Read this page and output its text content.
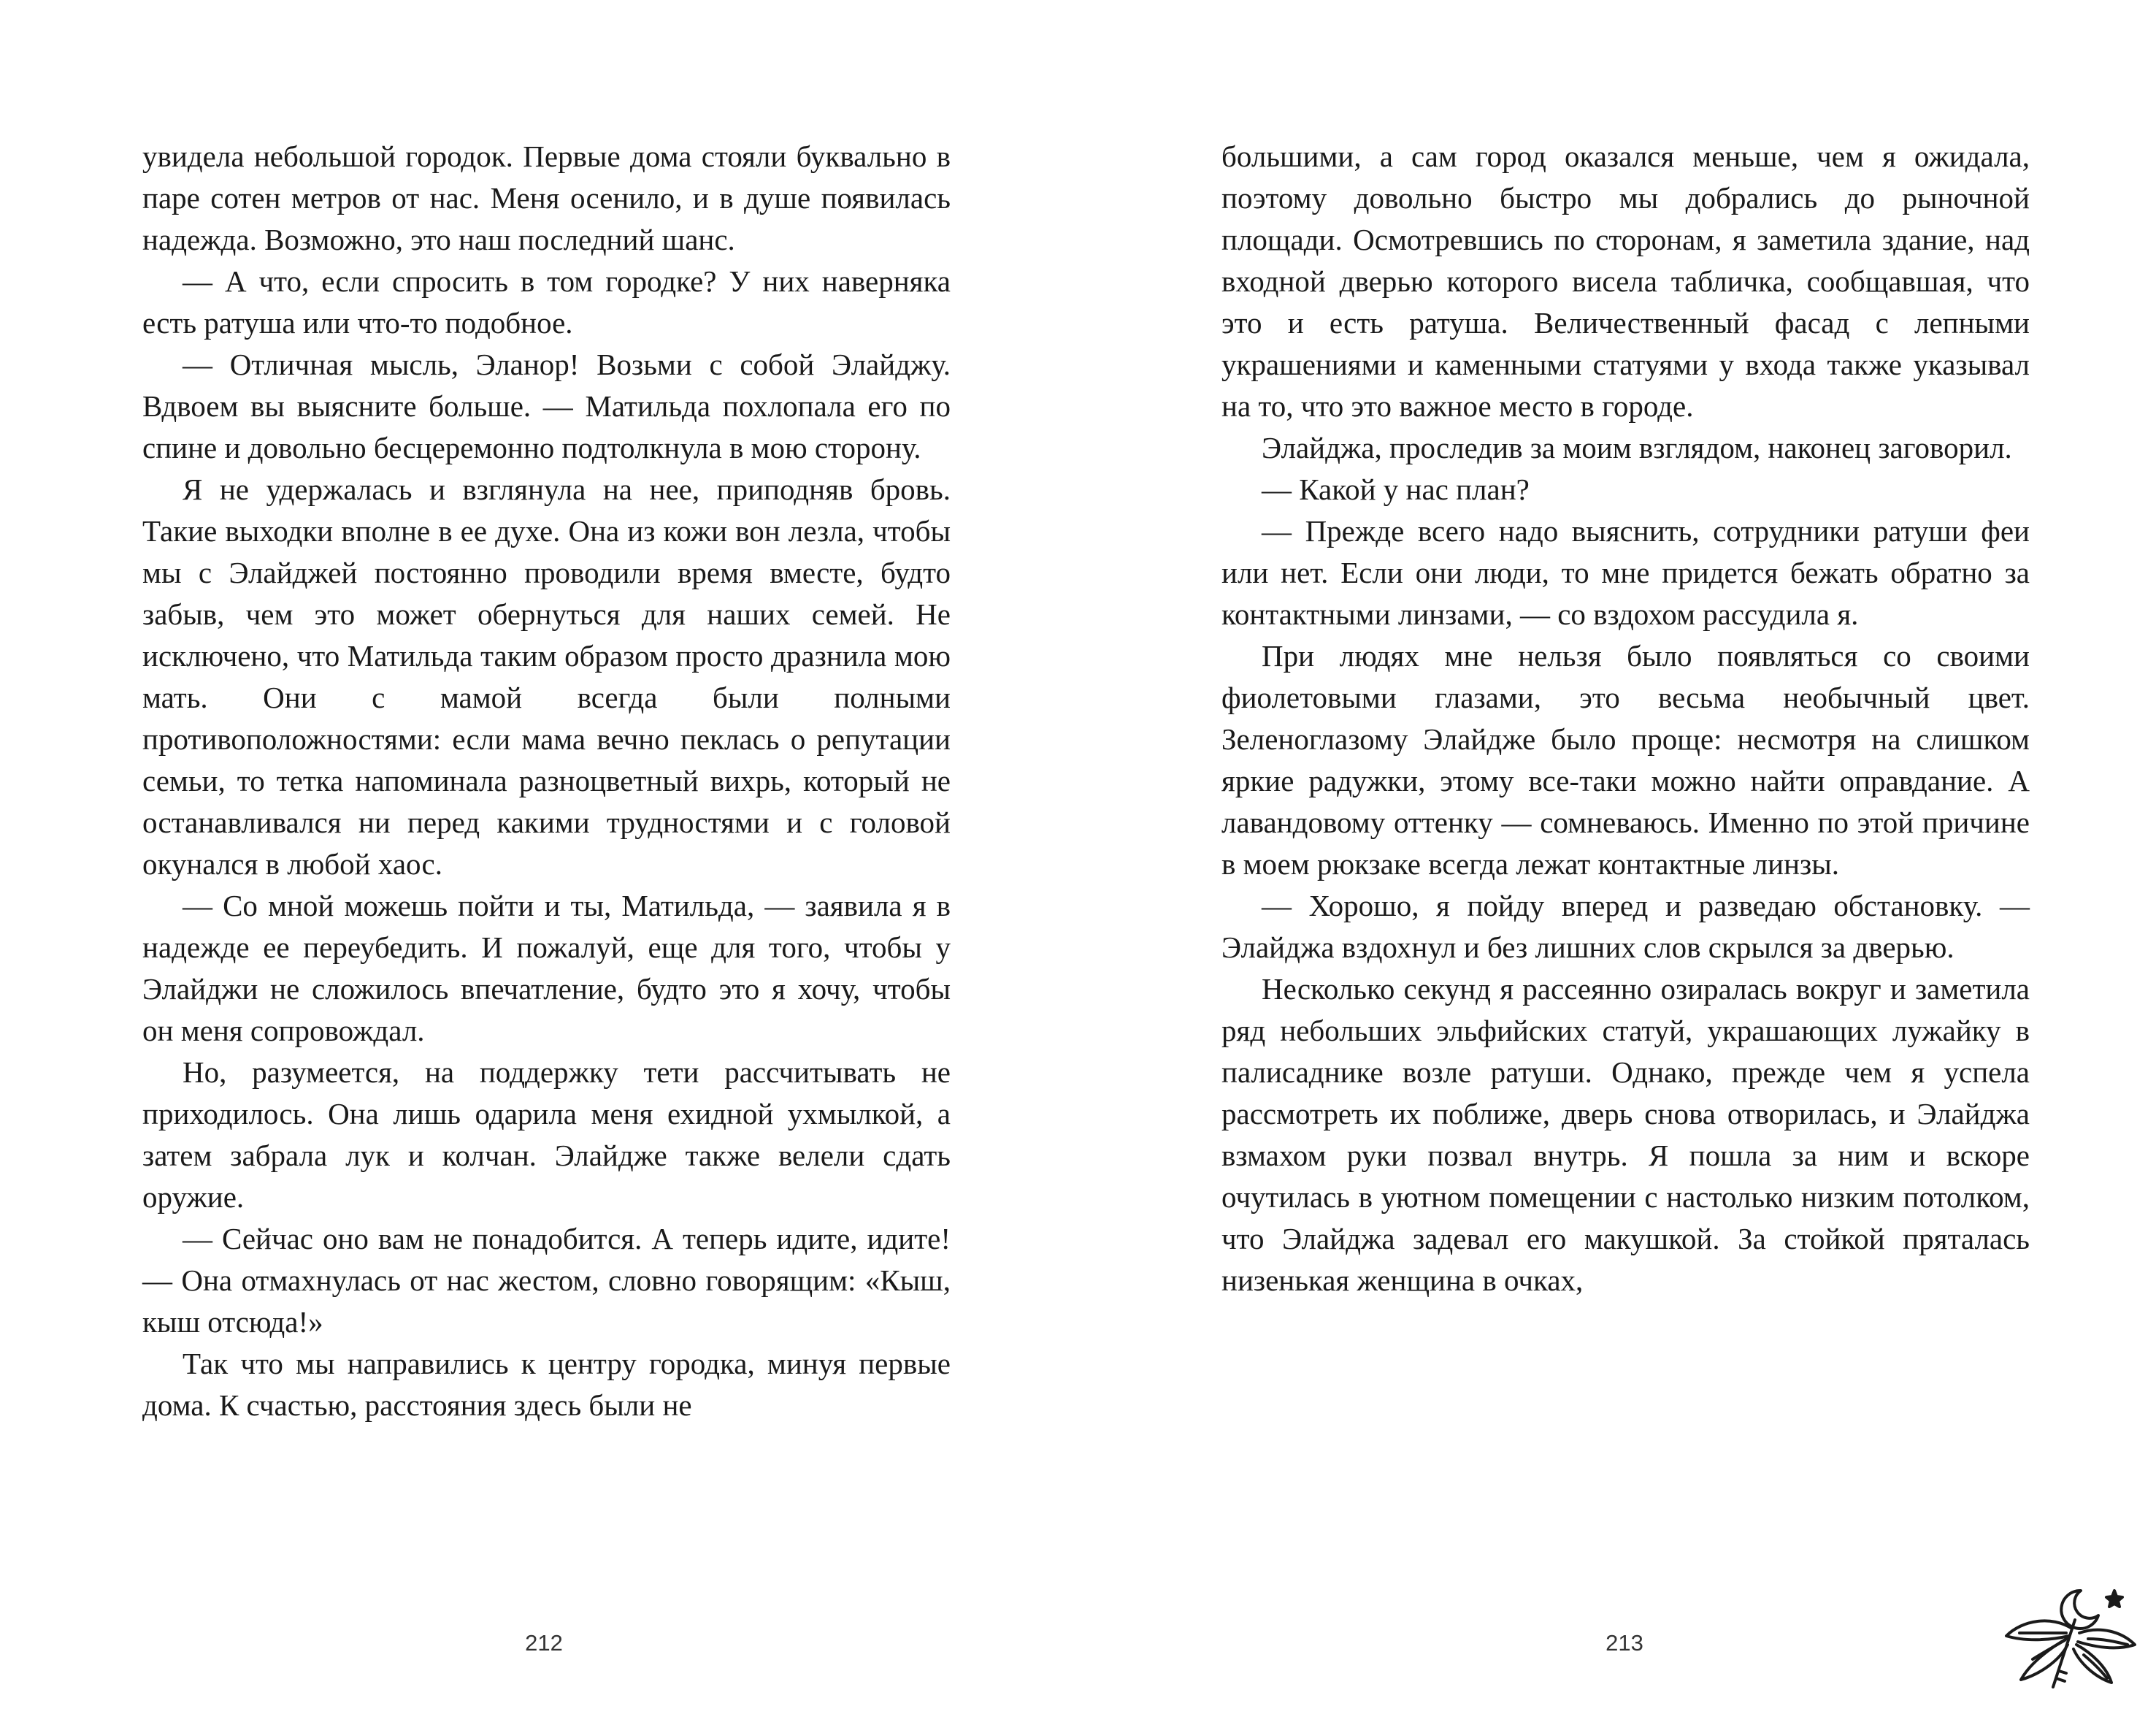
увидела небольшой городок. Первые дома стояли буквально в паре сотен метров от нас. Меня осенило, и в душе появилась надежда. Возможно, это наш последний шанс.

— А что, если спросить в том городке? У них наверняка есть ратуша или что-то подобное.

— Отличная мысль, Эланор! Возьми с собой Элайджу. Вдвоем вы выясните больше. — Матильда похлопала его по спине и довольно бесцеремонно подтолкнула в мою сторону.

Я не удержалась и взглянула на нее, приподняв бровь. Такие выходки вполне в ее духе. Она из кожи вон лезла, чтобы мы с Элайджей постоянно проводили время вместе, будто забыв, чем это может обернуться для наших семей. Не исключено, что Матильда таким образом просто дразнила мою мать. Они с мамой всегда были полными противоположностями: если мама вечно пеклась о репутации семьи, то тетка напоминала разноцветный вихрь, который не останавливался ни перед какими трудностями и с головой окунался в любой хаос.

— Со мной можешь пойти и ты, Матильда, — заявила я в надежде ее переубедить. И пожалуй, еще для того, чтобы у Элайджи не сложилось впечатление, будто это я хочу, чтобы он меня сопровождал.

Но, разумеется, на поддержку тети рассчитывать не приходилось. Она лишь одарила меня ехидной ухмылкой, а затем забрала лук и колчан. Элайдже также велели сдать оружие.

— Сейчас оно вам не понадобится. А теперь идите, идите! — Она отмахнулась от нас жестом, словно говорящим: «Кыш, кыш отсюда!»

Так что мы направились к центру городка, минуя первые дома. К счастью, расстояния здесь были не

212

большими, а сам город оказался меньше, чем я ожидала, поэтому довольно быстро мы добрались до рыночной площади. Осмотревшись по сторонам, я заметила здание, над входной дверью которого висела табличка, сообщавшая, что это и есть ратуша. Величественный фасад с лепными украшениями и каменными статуями у входа также указывал на то, что это важное место в городе.

Элайджа, проследив за моим взглядом, наконец заговорил.

— Какой у нас план?

— Прежде всего надо выяснить, сотрудники ратуши феи или нет. Если они люди, то мне придется бежать обратно за контактными линзами, — со вздохом рассудила я.

При людях мне нельзя было появляться со своими фиолетовыми глазами, это весьма необычный цвет. Зеленоглазому Элайдже было проще: несмотря на слишком яркие радужки, этому все-таки можно найти оправдание. А лавандовому оттенку — сомневаюсь. Именно по этой причине в моем рюкзаке всегда лежат контактные линзы.

— Хорошо, я пойду вперед и разведаю обстановку. — Элайджа вздохнул и без лишних слов скрылся за дверью.

Несколько секунд я рассеянно озиралась вокруг и заметила ряд небольших эльфийских статуй, украшающих лужайку в палисаднике возле ратуши. Однако, прежде чем я успела рассмотреть их поближе, дверь снова отворилась, и Элайджа взмахом руки позвал внутрь. Я пошла за ним и вскоре очутилась в уютном помещении с настолько низким потолком, что Элайджа задевал его макушкой. За стойкой пряталась низенькая женщина в очках,

213
